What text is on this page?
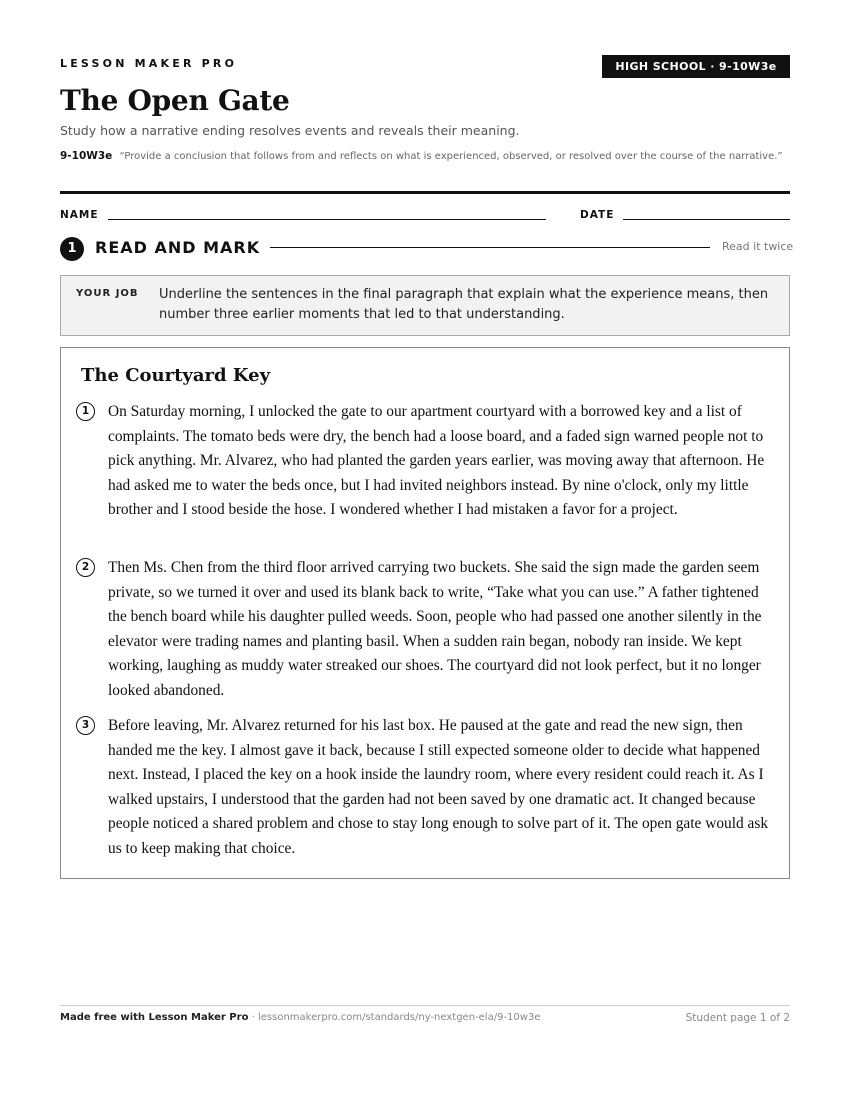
LESSON MAKER PRO	HIGH SCHOOL · 9-10W3e
The Open Gate
Study how a narrative ending resolves events and reveals their meaning.
9-10W3e “Provide a conclusion that follows from and reflects on what is experienced, observed, or resolved over the course of the narrative.”
NAME	DATE
1	READ AND MARK	Read it twice
YOUR JOB Underline the sentences in the final paragraph that explain what the experience means, then number three earlier moments that led to that understanding.
The Courtyard Key
1	On Saturday morning, I unlocked the gate to our apartment courtyard with a borrowed key and a list of complaints. The tomato beds were dry, the bench had a loose board, and a faded sign warned people not to pick anything. Mr. Alvarez, who had planted the garden years earlier, was moving away that afternoon. He had asked me to water the beds once, but I had invited neighbors instead. By nine o'clock, only my little brother and I stood beside the hose. I wondered whether I had mistaken a favor for a project.
2	Then Ms. Chen from the third floor arrived carrying two buckets. She said the sign made the garden seem private, so we turned it over and used its blank back to write, “Take what you can use.” A father tightened the bench board while his daughter pulled weeds. Soon, people who had passed one another silently in the elevator were trading names and planting basil. When a sudden rain began, nobody ran inside. We kept working, laughing as muddy water streaked our shoes. The courtyard did not look perfect, but it no longer looked abandoned.
3	Before leaving, Mr. Alvarez returned for his last box. He paused at the gate and read the new sign, then handed me the key. I almost gave it back, because I still expected someone older to decide what happened next. Instead, I placed the key on a hook inside the laundry room, where every resident could reach it. As I walked upstairs, I understood that the garden had not been saved by one dramatic act. It changed because people noticed a shared problem and chose to stay long enough to solve part of it. The open gate would ask us to keep making that choice.
Made free with Lesson Maker Pro · lessonmakerpro.com/standards/ny-nextgen-ela/9-10w3e	Student page 1 of 2
